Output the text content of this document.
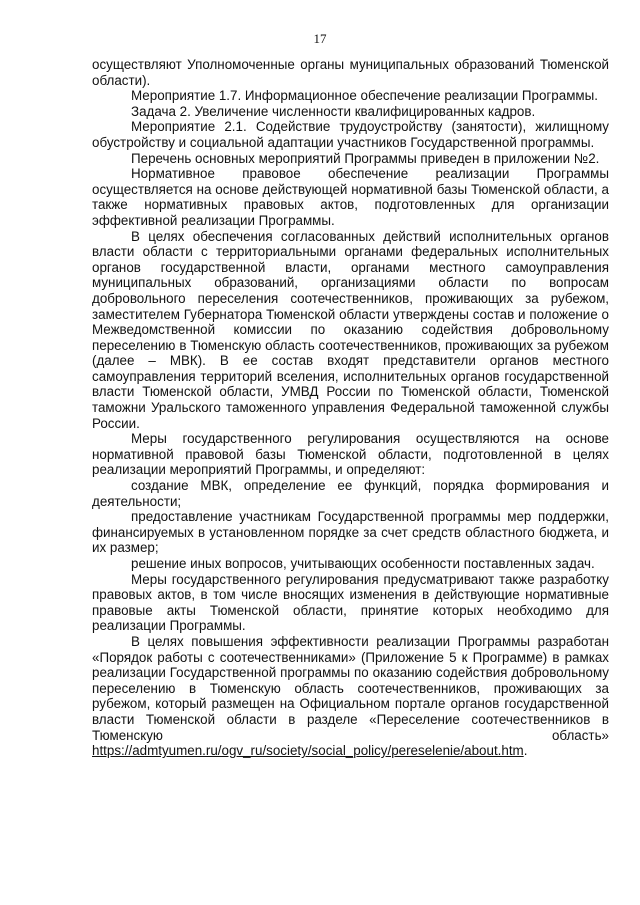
17

осуществляют Уполномоченные органы муниципальных образований Тюменской области).

Мероприятие 1.7. Информационное обеспечение реализации Программы.

Задача 2. Увеличение численности квалифицированных кадров.

Мероприятие 2.1. Содействие трудоустройству (занятости), жилищному обустройству и социальной адаптации участников Государственной программы.

Перечень основных мероприятий Программы приведен в приложении №2.

Нормативное правовое обеспечение реализации Программы осуществляется на основе действующей нормативной базы Тюменской области, а также нормативных правовых актов, подготовленных для организации эффективной реализации Программы.

В целях обеспечения согласованных действий исполнительных органов власти области с территориальными органами федеральных исполнительных органов государственной власти, органами местного самоуправления муниципальных образований, организациями области по вопросам добровольного переселения соотечественников, проживающих за рубежом, заместителем Губернатора Тюменской области утверждены состав и положение о Межведомственной комиссии по оказанию содействия добровольному переселению в Тюменскую область соотечественников, проживающих за рубежом (далее – МВК). В ее состав входят представители органов местного самоуправления территорий вселения, исполнительных органов государственной власти Тюменской области, УМВД России по Тюменской области, Тюменской таможни Уральского таможенного управления Федеральной таможенной службы России.

Меры государственного регулирования осуществляются на основе нормативной правовой базы Тюменской области, подготовленной в целях реализации мероприятий Программы, и определяют:

создание МВК, определение ее функций, порядка формирования и деятельности;

предоставление участникам Государственной программы мер поддержки, финансируемых в установленном порядке за счет средств областного бюджета, и их размер;

решение иных вопросов, учитывающих особенности поставленных задач.

Меры государственного регулирования предусматривают также разработку правовых актов, в том числе вносящих изменения в действующие нормативные правовые акты Тюменской области, принятие которых необходимо для реализации Программы.

В целях повышения эффективности реализации Программы разработан «Порядок работы с соотечественниками» (Приложение 5 к Программе) в рамках реализации Государственной программы по оказанию содействия добровольному переселению в Тюменскую область соотечественников, проживающих за рубежом, который размещен на Официальном портале органов государственной власти Тюменской области в разделе «Переселение соотечественников в Тюменскую область»

https://admtyumen.ru/ogv_ru/society/social_policy/pereselenie/about.htm.
